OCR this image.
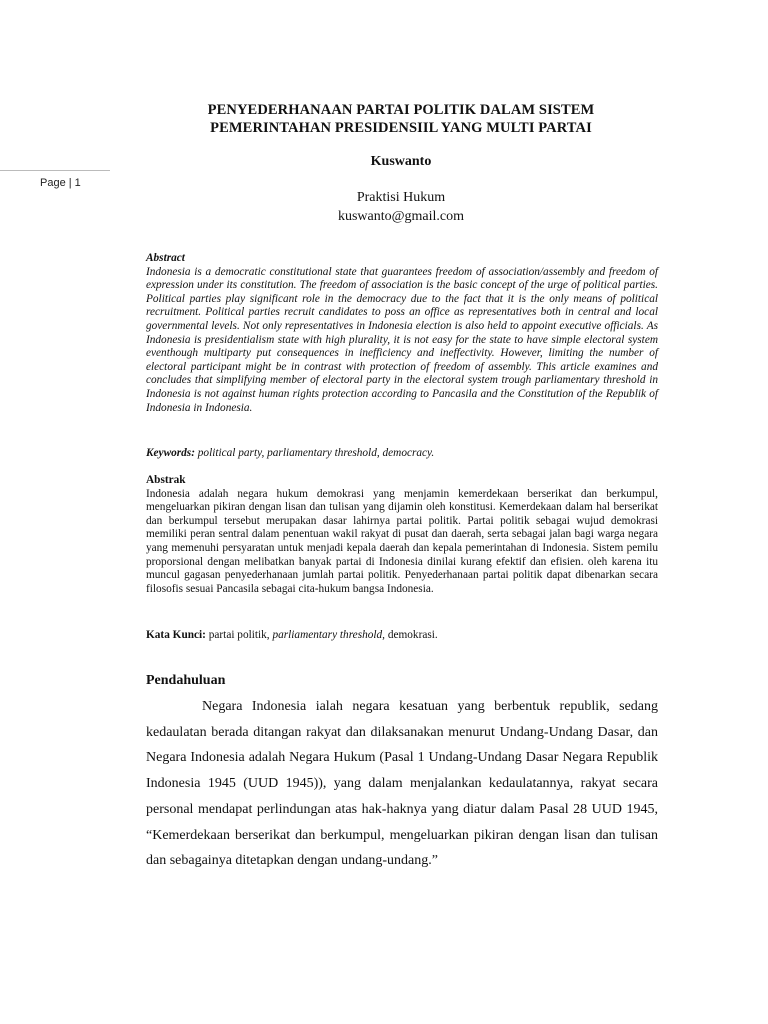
Page | 1
PENYEDERHANAAN PARTAI POLITIK DALAM SISTEM
PEMERINTAHAN PRESIDENSIIL YANG MULTI PARTAI
Kuswanto
Praktisi Hukum
kuswanto@gmail.com
Abstract
Indonesia is a democratic constitutional state that guarantees freedom of association/assembly and freedom of expression under its constitution. The freedom of association is the basic concept of the urge of political parties. Political parties play significant role in the democracy due to the fact that it is the only means of political recruitment. Political parties recruit candidates to poss an office as representatives both in central and local governmental levels. Not only representatives in Indonesia election is also held to appoint executive officials. As Indonesia is presidentialism state with high plurality, it is not easy for the state to have simple electoral system eventhough multiparty put consequences in inefficiency and ineffectivity. However, limiting the number of electoral participant might be in contrast with protection of freedom of assembly. This article examines and concludes that simplifying member of electoral party in the electoral system trough parliamentary threshold in Indonesia is not against human rights protection according to Pancasila and the Constitution of the Republik of Indonesia in Indonesia.
Keywords: political party, parliamentary threshold, democracy.
Abstrak
Indonesia adalah negara hukum demokrasi yang menjamin kemerdekaan berserikat dan berkumpul, mengeluarkan pikiran dengan lisan dan tulisan yang dijamin oleh konstitusi. Kemerdekaan dalam hal berserikat dan berkumpul tersebut merupakan dasar lahirnya partai politik. Partai politik sebagai wujud demokrasi memiliki peran sentral dalam penentuan wakil rakyat di pusat dan daerah, serta sebagai jalan bagi warga negara yang memenuhi persyaratan untuk menjadi kepala daerah dan kepala pemerintahan di Indonesia. Sistem pemilu proporsional dengan melibatkan banyak partai di Indonesia dinilai kurang efektif dan efisien. oleh karena itu muncul gagasan penyederhanaan jumlah partai politik. Penyederhanaan partai politik dapat dibenarkan secara filosofis sesuai Pancasila sebagai cita-hukum bangsa Indonesia.
Kata Kunci: partai politik, parliamentary threshold, demokrasi.
Pendahuluan
Negara Indonesia ialah negara kesatuan yang berbentuk republik, sedang kedaulatan berada ditangan rakyat dan dilaksanakan menurut Undang-Undang Dasar, dan Negara Indonesia adalah Negara Hukum (Pasal 1 Undang-Undang Dasar Negara Republik Indonesia 1945 (UUD 1945)), yang dalam menjalankan kedaulatannya, rakyat secara personal mendapat perlindungan atas hak-haknya yang diatur dalam Pasal 28 UUD 1945, “Kemerdekaan berserikat dan berkumpul, mengeluarkan pikiran dengan lisan dan tulisan dan sebagainya ditetapkan dengan undang-undang.”
